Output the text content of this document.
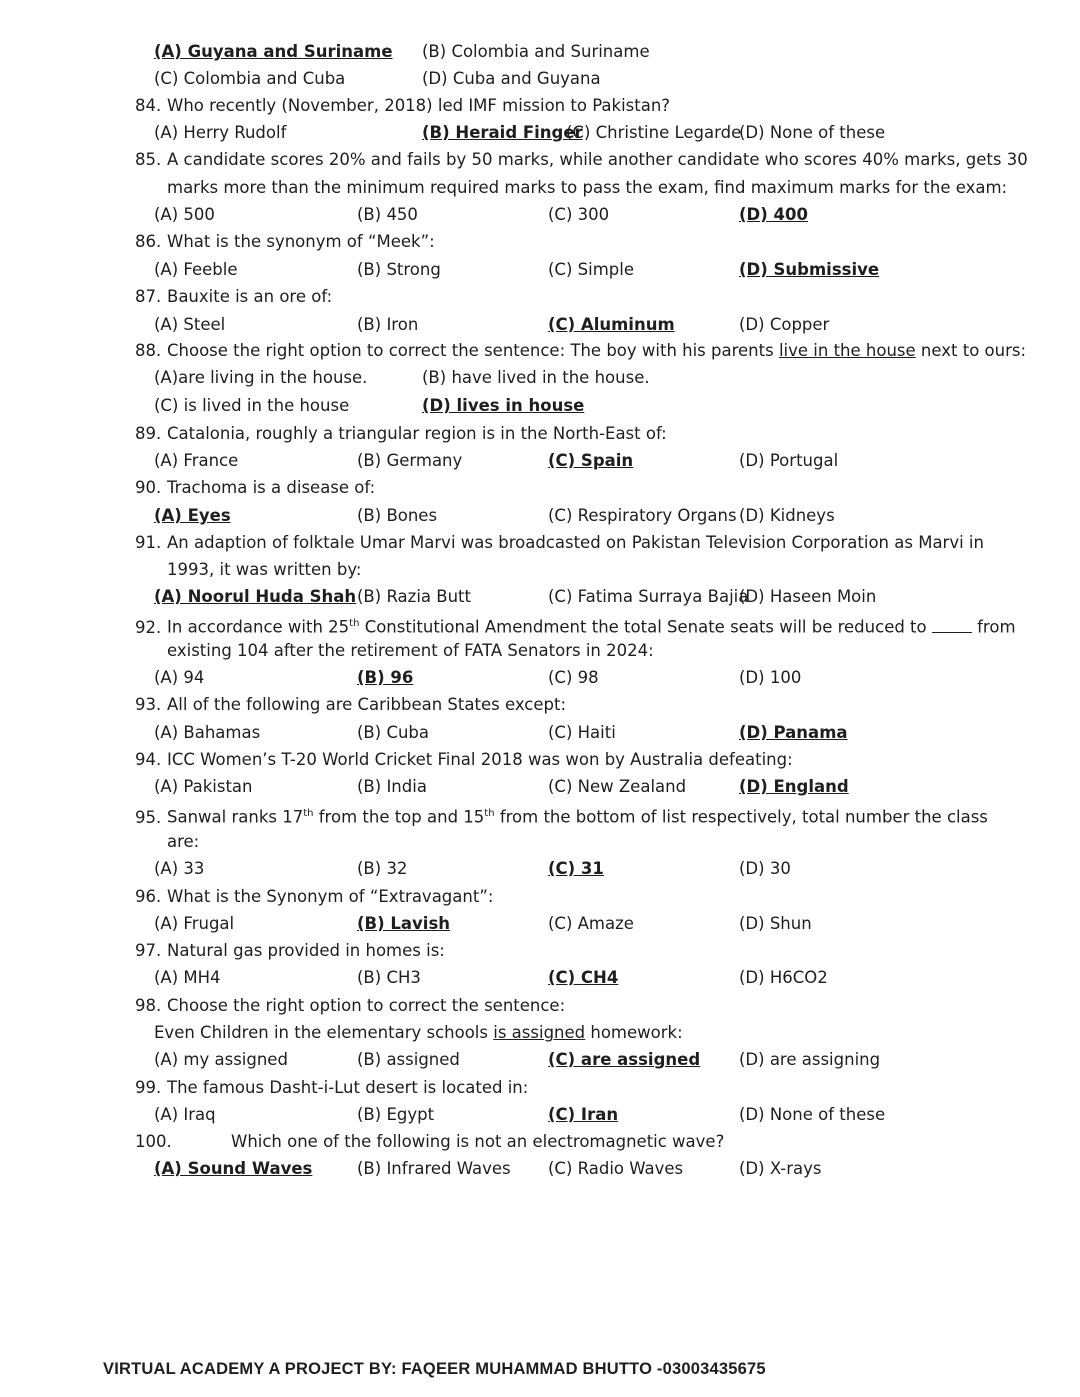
(A) Guyana and Suriname (B) Colombia and Suriname
(C) Colombia and Cuba	(D) Cuba and Guyana
84. Who recently (November, 2018) led IMF mission to Pakistan?
(A) Herry Rudolf	(B) Heraid Finger
(C) Christine Legarde
(D) None of these
85. A candidate scores 20% and fails by 50 marks, while another candidate who scores 40% marks, gets 30
marks more than the minimum required marks to pass the exam, find maximum marks for the exam:
(A) 500	(B) 450	(C) 300	(D) 400
86. What is the synonym of “Meek”:
(A) Feeble	(B) Strong	(C) Simple	(D) Submissive
87. Bauxite is an ore of:
(A) Steel	(B) Iron	(C) Aluminum	(D) Copper
88. Choose the right option to correct the sentence: The boy with his parents live in the house next to ours:
(A)are living in the house.	(B) have lived in the house.
(C) is lived in the house	(D) lives in house
89. Catalonia, roughly a triangular region is in the North-East of:
(A) France	(B) Germany	(C) Spain	(D) Portugal
90. Trachoma is a disease of:
(A) Eyes	(B) Bones	(C) Respiratory Organs (D) Kidneys
91. An adaption of folktale Umar Marvi was broadcasted on Pakistan Television Corporation as Marvi in
1993, it was written by:
(A) Noorul Huda Shah (B) Razia Butt	(C) Fatima Surraya Bajia
(D) Haseen Moin
92. In accordance with 25th Constitutional Amendment the total Senate seats will be reduced to	from
existing 104 after the retirement of FATA Senators in 2024:
(A) 94	(B) 96	(C) 98	(D) 100
93. All of the following are Caribbean States except:
(A) Bahamas	(B) Cuba	(C) Haiti	(D) Panama
94. ICC Women’s T-20 World Cricket Final 2018 was won by Australia defeating:
(A) Pakistan	(B) India	(C) New Zealand	(D) England
95. Sanwal ranks 17th from the top and 15th from the bottom of list respectively, total number the class
are:
(A) 33	(B) 32	(C) 31	(D) 30
96. What is the Synonym of “Extravagant”:
(A) Frugal	(B) Lavish	(C) Amaze	(D) Shun
97. Natural gas provided in homes is:
(A) MH4	(B) CH3	(C) CH4	(D) H6CO2
98. Choose the right option to correct the sentence:
Even Children in the elementary schools is assigned homework:
(A) my assigned	(B) assigned	(C) are assigned (D) are assigning
99. The famous Dasht-i-Lut desert is located in:
(A) Iraq	(B) Egypt	(C) Iran	(D) None of these
100.	Which one of the following is not an electromagnetic wave?
(A) Sound Waves	(B) Infrared Waves (C) Radio Waves	(D) X-rays
VIRTUAL ACADEMY A PROJECT BY: FAQEER MUHAMMAD BHUTTO -03003435675
